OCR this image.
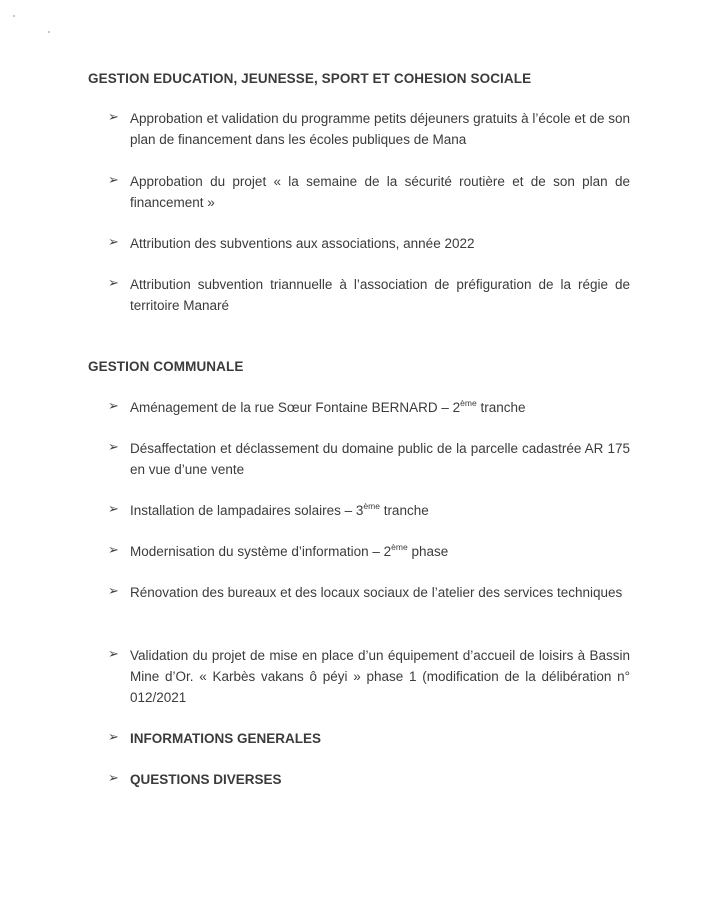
GESTION EDUCATION, JEUNESSE, SPORT ET COHESION SOCIALE
➢ Approbation et validation du programme petits déjeuners gratuits à l’école et de son plan de financement dans les écoles publiques de Mana
➢ Approbation du projet « la semaine de la sécurité routière et de son plan de financement »
➢ Attribution des subventions aux associations, année 2022
➢ Attribution subvention triannuelle à l’association de préfiguration de la régie de territoire Manaré
GESTION COMMUNALE
➢ Aménagement de la rue Sœur Fontaine BERNARD – 2ème tranche
➢ Désaffectation et déclassement du domaine public de la parcelle cadastrée AR 175 en vue d’une vente
➢ Installation de lampadaires solaires – 3ème tranche
➢ Modernisation du système d’information – 2ème phase
➢ Rénovation des bureaux et des locaux sociaux de l’atelier des services techniques
➢ Validation du projet de mise en place d’un équipement d’accueil de loisirs à Bassin Mine d’Or. « Karbès vakans ô péyi » phase 1 (modification de la délibération n° 012/2021
➢ INFORMATIONS GENERALES
➢ QUESTIONS DIVERSES
